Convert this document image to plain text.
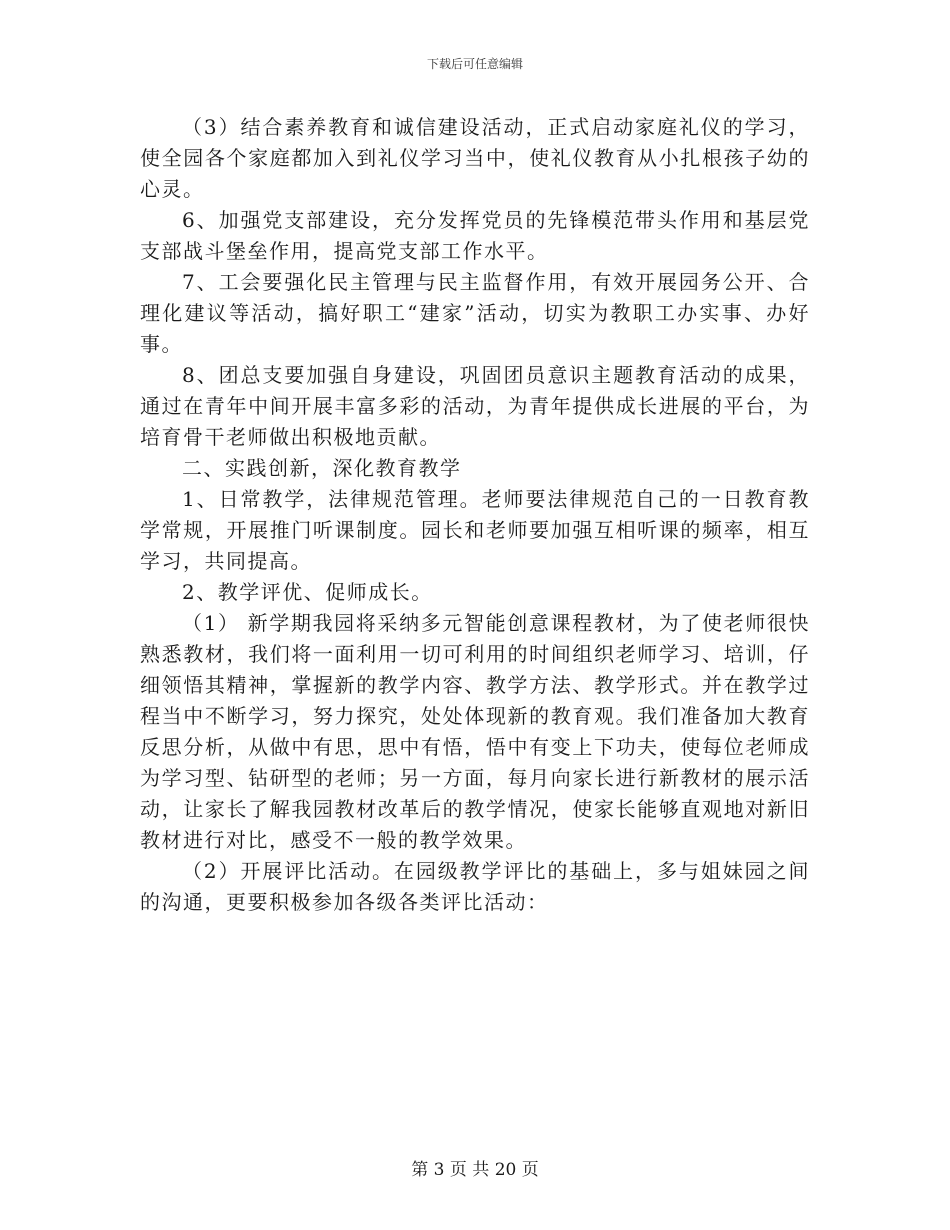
下载后可任意编辑

（3）结合素养教育和诚信建设活动，正式启动家庭礼仪的学习，使全园各个家庭都加入到礼仪学习当中，使礼仪教育从小扎根孩子幼的心灵。

6、加强党支部建设，充分发挥党员的先锋模范带头作用和基层党支部战斗堡垒作用，提高党支部工作水平。

7、工会要强化民主管理与民主监督作用，有效开展园务公开、合理化建议等活动，搞好职工“建家”活动，切实为教职工办实事、办好事。

8、团总支要加强自身建设，巩固团员意识主题教育活动的成果，通过在青年中间开展丰富多彩的活动，为青年提供成长进展的平台，为培育骨干老师做出积极地贡献。

二、实践创新，深化教育教学

1、日常教学，法律规范管理。老师要法律规范自己的一日教育教学常规，开展推门听课制度。园长和老师要加强互相听课的频率，相互学习，共同提高。

2、教学评优、促师成长。

（1） 新学期我园将采纳多元智能创意课程教材，为了使老师很快熟悉教材，我们将一面利用一切可利用的时间组织老师学习、培训，仔细领悟其精神，掌握新的教学内容、教学方法、教学形式。并在教学过程当中不断学习，努力探究，处处体现新的教育观。我们准备加大教育反思分析，从做中有思，思中有悟，悟中有变上下功夫，使每位老师成为学习型、钻研型的老师；另一方面，每月向家长进行新教材的展示活动，让家长了解我园教材改革后的教学情况，使家长能够直观地对新旧教材进行对比，感受不一般的教学效果。

（2）开展评比活动。在园级教学评比的基础上，多与姐妹园之间的沟通，更要积极参加各级各类评比活动：

第 3 页 共 20 页
